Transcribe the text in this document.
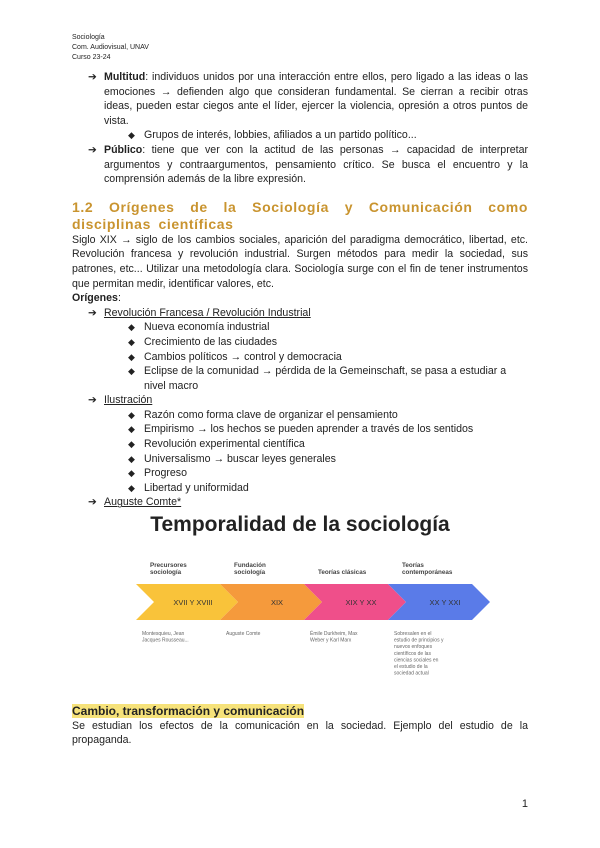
Sociología
Com. Audiovisual, UNAV
Curso 23-24
➔ Multitud: individuos unidos por una interacción entre ellos, pero ligado a las ideas o las emociones → defienden algo que consideran fundamental. Se cierran a recibir otras ideas, pueden estar ciegos ante el líder, ejercer la violencia, opresión a otros puntos de vista.
◆ Grupos de interés, lobbies, afiliados a un partido político...
➔ Público: tiene que ver con la actitud de las personas → capacidad de interpretar argumentos y contraargumentos, pensamiento crítico. Se busca el encuentro y la comprensión además de la libre expresión.
1.2 Orígenes de la Sociología y Comunicación como disciplinas científicas

Siglo XIX → siglo de los cambios sociales, aparición del paradigma democrático, libertad, etc. Revolución francesa y revolución industrial. Surgen métodos para medir la sociedad, sus patrones, etc... Utilizar una metodología clara. Sociología surge con el fin de tener instrumentos que permitan medir, identificar valores, etc.

Orígenes:
➔ Revolución Francesa / Revolución Industrial
◆ Nueva economía industrial
◆ Crecimiento de las ciudades
◆ Cambios políticos → control y democracia
◆ Eclipse de la comunidad → pérdida de la Gemeinschaft, se pasa a estudiar a nivel macro
➔ Ilustración
◆ Razón como forma clave de organizar el pensamiento
◆ Empirismo → los hechos se pueden aprender a través de los sentidos
◆ Revolución experimental científica
◆ Universalismo → buscar leyes generales
◆ Progreso
◆ Libertad y uniformidad
➔ Auguste Comte*
Temporalidad de la sociología
XVII Y XVIII
Precursores
sociología
Montesquieu, Jean
Jacques Rousseau...
XIX
Fundación
sociología
Auguste Comte
XIX Y XX
Teorías clásicas
Émile Durkheim, Max
Weber y Karl Marx
XX Y XXI
Teorías
contemporáneas
Sobresalen en el
estudio de principios y
nuevos enfoques
científicos de las
ciencias sociales en
el estudio de la
sociedad actual
Cambio, transformación y comunicación

Se estudian los efectos de la comunicación en la sociedad. Ejemplo del estudio de la propaganda.

1
